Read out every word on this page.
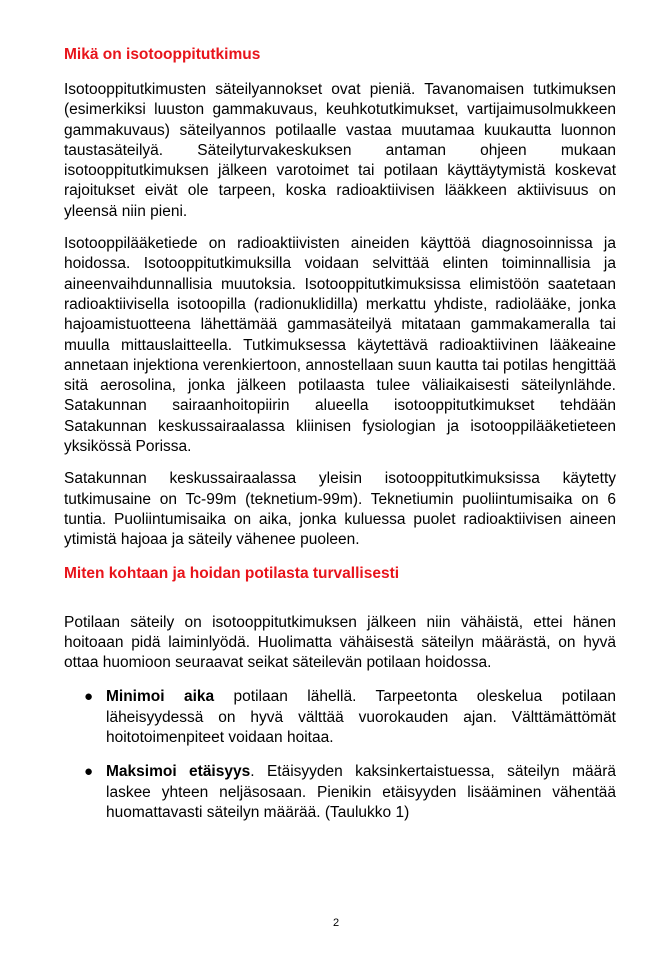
Mikä on isotooppitutkimus

Isotooppitutkimusten säteilyannokset ovat pieniä. Tavanomaisen tutkimuksen (esimerkiksi luuston gammakuvaus, keuhkotutkimukset, vartijaimusolmukkeen gammakuvaus) säteilyannos potilaalle vastaa muutamaa kuukautta luonnon taustasäteilyä. Säteilyturvakeskuksen antaman ohjeen mukaan isotooppitutkimuksen jälkeen varotoimet tai potilaan käyttäytymistä koskevat rajoitukset eivät ole tarpeen, koska radioaktiivisen lääkkeen aktiivisuus on yleensä niin pieni.

Isotooppilääketiede on radioaktiivisten aineiden käyttöä diagnosoinnissa ja hoidossa. Isotooppitutkimuksilla voidaan selvittää elinten toiminnallisia ja aineenvaihdunnallisia muutoksia. Isotooppitutkimuksissa elimistöön saatetaan radioaktiivisella isotoopilla (radionuklidilla) merkattu yhdiste, radiolääke, jonka hajoamistuotteena lähettämää gammasäteilyä mitataan gammakameralla tai muulla mittauslaitteella. Tutkimuksessa käytettävä radioaktiivinen lääkeaine annetaan injektiona verenkiertoon, annostellaan suun kautta tai potilas hengittää sitä aerosolina, jonka jälkeen potilaasta tulee väliaikaisesti säteilynlähde. Satakunnan sairaanhoitopiirin alueella isotooppitutkimukset tehdään Satakunnan keskussairaalassa kliinisen fysiologian ja isotooppilääketieteen yksikössä Porissa.

Satakunnan keskussairaalassa yleisin isotooppitutkimuksissa käytetty tutkimusaine on Tc-99m (teknetium-99m). Teknetiumin puoliintumisaika on 6 tuntia. Puoliintumisaika on aika, jonka kuluessa puolet radioaktiivisen aineen ytimistä hajoaa ja säteily vähenee puoleen.

Miten kohtaan ja hoidan potilasta turvallisesti

Potilaan säteily on isotooppitutkimuksen jälkeen niin vähäistä, ettei hänen hoitoaan pidä laiminlyödä. Huolimatta vähäisestä säteilyn määrästä, on hyvä ottaa huomioon seuraavat seikat säteilevän potilaan hoidossa.

● Minimoi aika potilaan lähellä. Tarpeetonta oleskelua potilaan läheisyydessä on hyvä välttää vuorokauden ajan. Välttämättömät hoitotoimenpiteet voidaan hoitaa.
● Maksimoi etäisyys. Etäisyyden kaksinkertaistuessa, säteilyn määrä laskee yhteen neljäsosaan. Pienikin etäisyyden lisääminen vähentää huomattavasti säteilyn määrää. (Taulukko 1)
2
